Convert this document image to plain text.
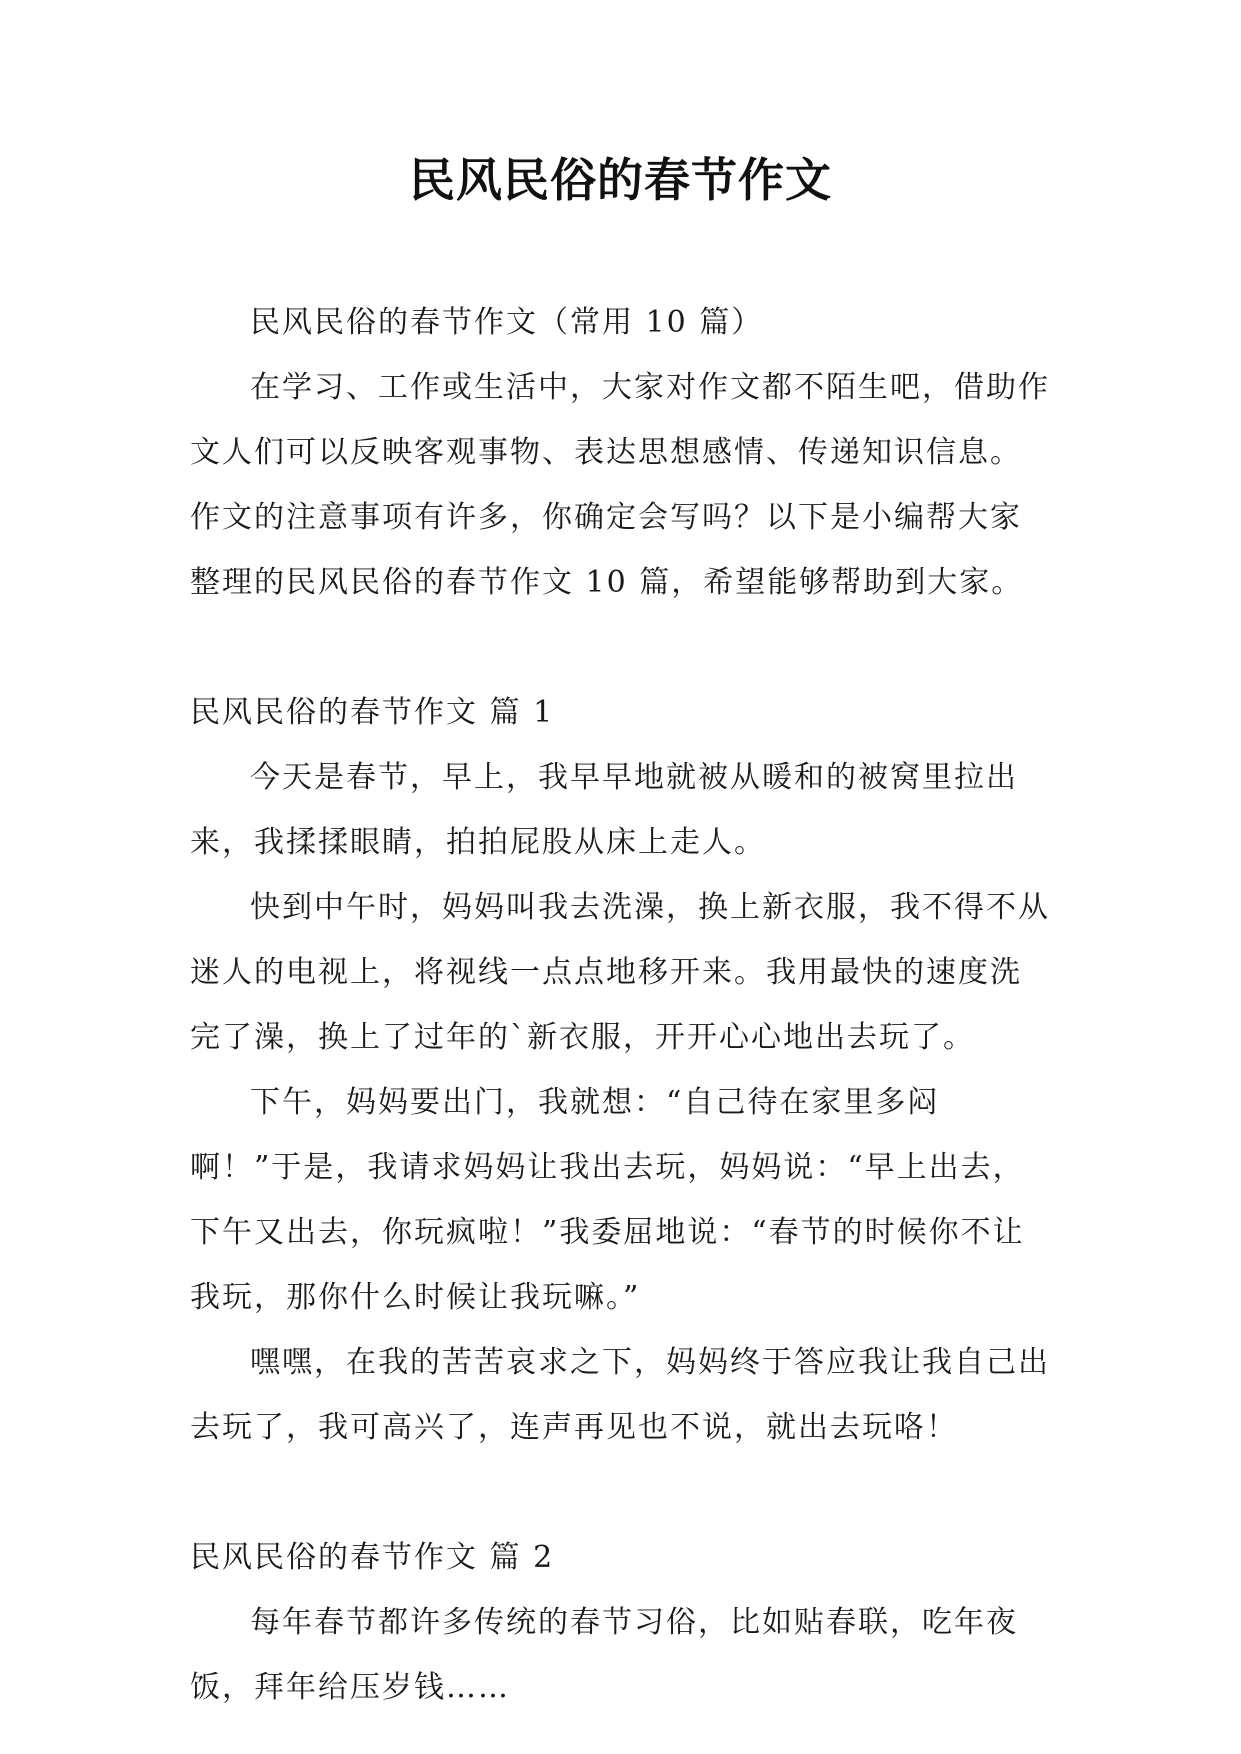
民风民俗的春节作文

民风民俗的春节作文（常用 10 篇）

在学习、工作或生活中，大家对作文都不陌生吧，借助作文人们可以反映客观事物、表达思想感情、传递知识信息。作文的注意事项有许多，你确定会写吗？以下是小编帮大家整理的民风民俗的春节作文 10 篇，希望能够帮助到大家。

民风民俗的春节作文 篇 1

今天是春节，早上，我早早地就被从暖和的被窝里拉出来，我揉揉眼睛，拍拍屁股从床上走人。

快到中午时，妈妈叫我去洗澡，换上新衣服，我不得不从迷人的电视上，将视线一点点地移开来。我用最快的速度洗完了澡，换上了过年的`新衣服，开开心心地出去玩了。

下午，妈妈要出门，我就想：“自己待在家里多闷啊！”于是，我请求妈妈让我出去玩，妈妈说：“早上出去，下午又出去，你玩疯啦！”我委屈地说：“春节的时候你不让我玩，那你什么时候让我玩嘛。”

嘿嘿，在我的苦苦哀求之下，妈妈终于答应我让我自己出去玩了，我可高兴了，连声再见也不说，就出去玩咯！

民风民俗的春节作文 篇 2

每年春节都许多传统的春节习俗，比如贴春联，吃年夜饭，拜年给压岁钱……
